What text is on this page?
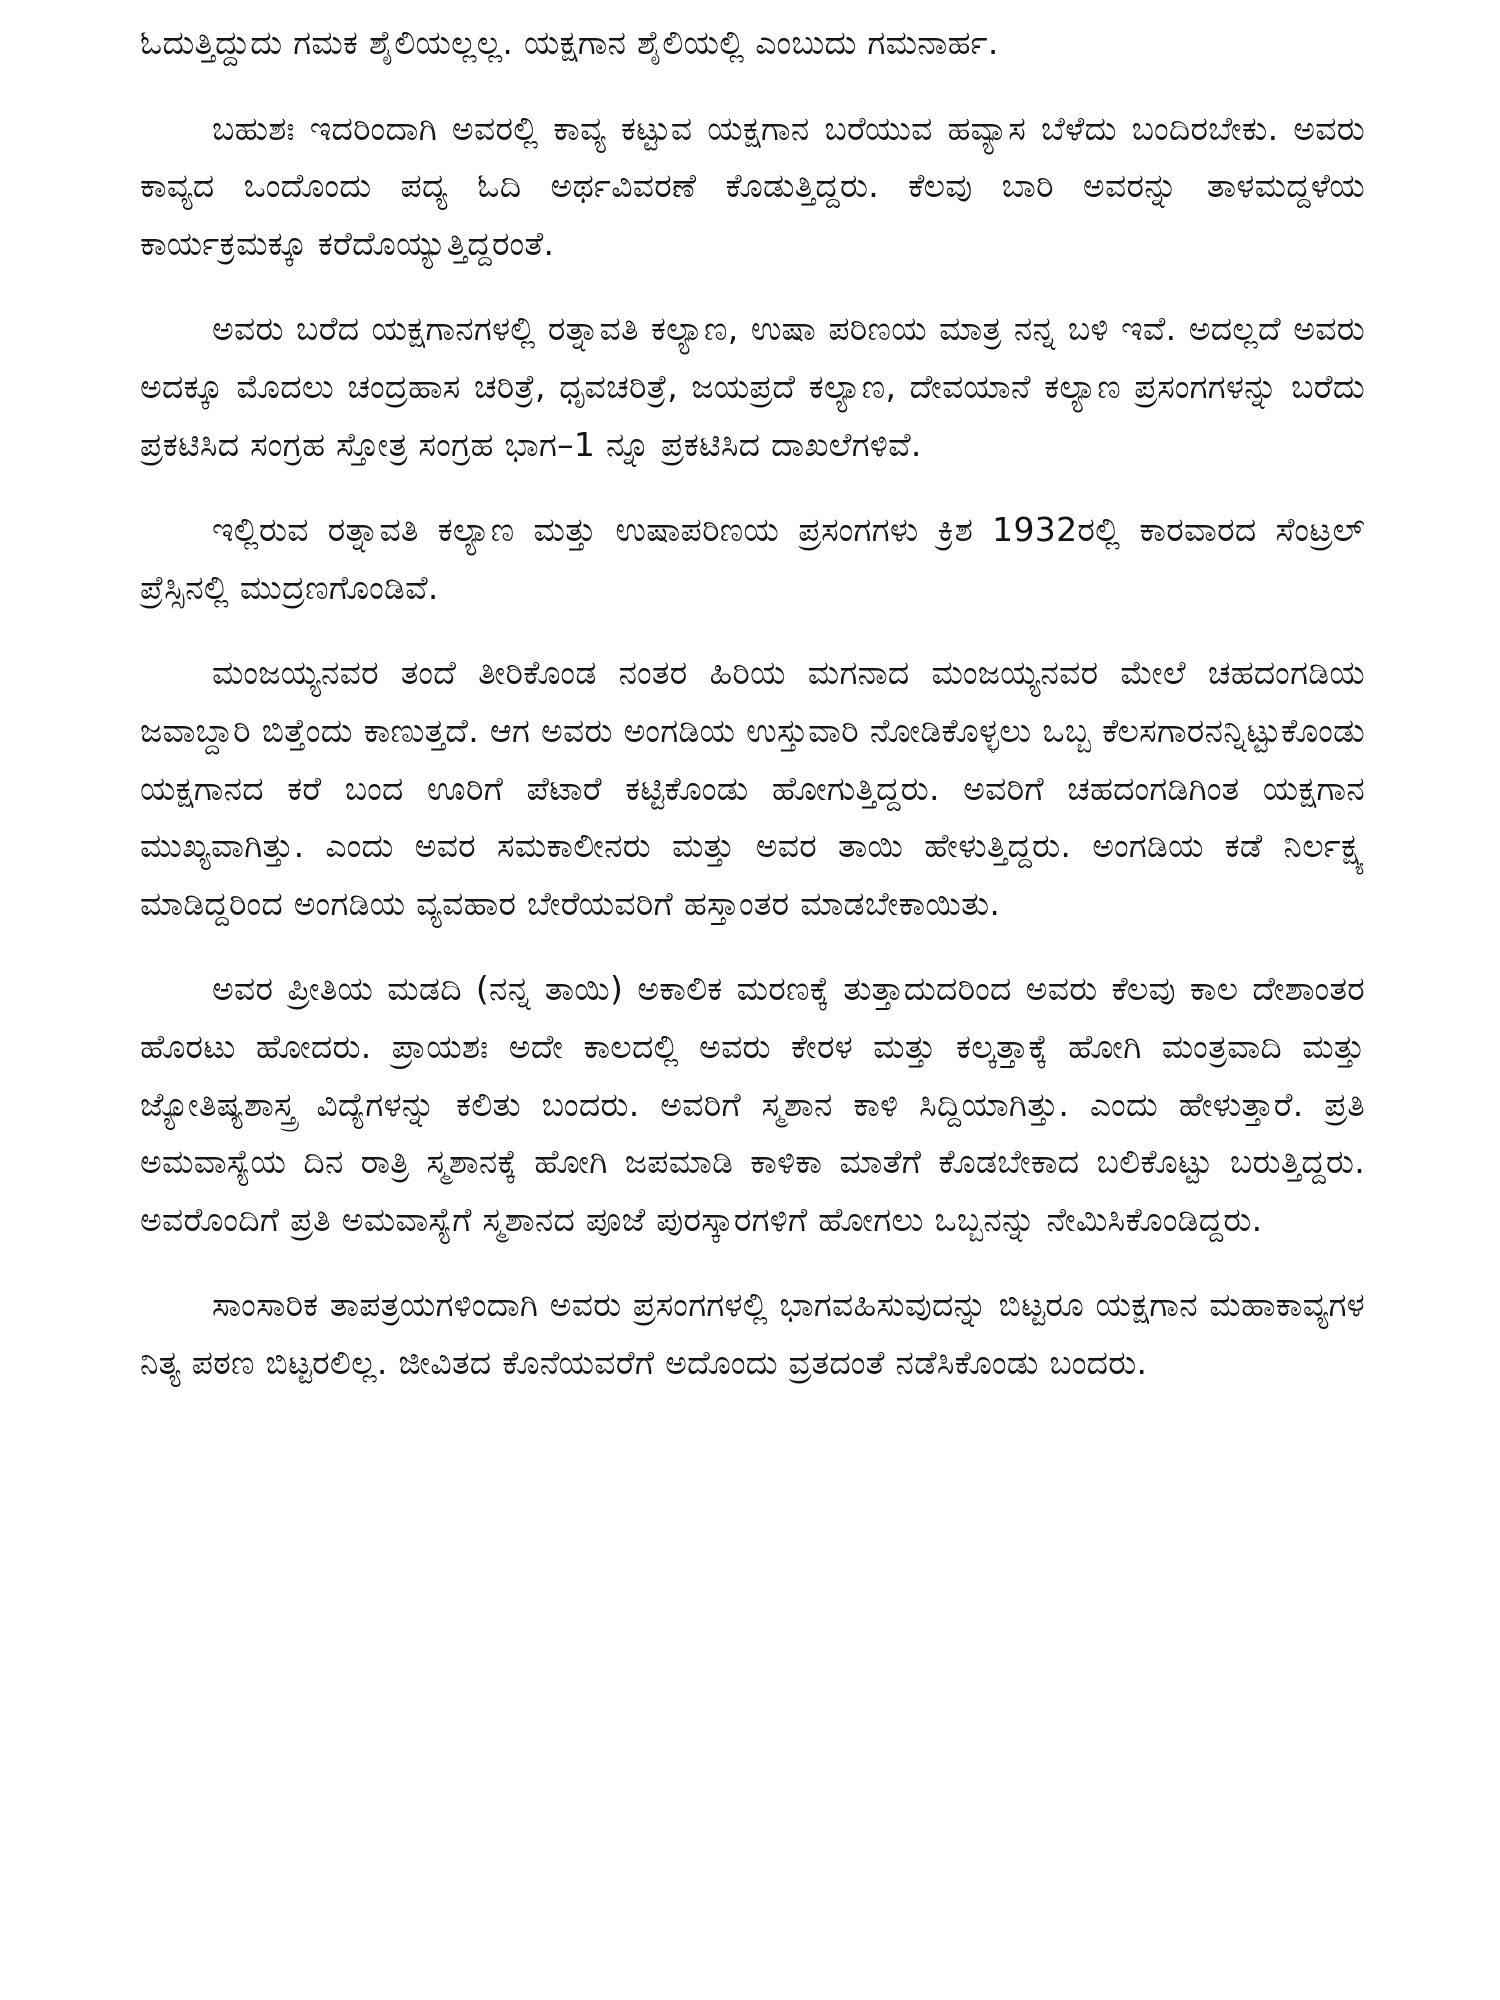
ಓದುತ್ತಿದ್ದುದು ಗಮಕ ಶೈಲಿಯಲ್ಲಲ್ಲ. ಯಕ್ಷಗಾನ ಶೈಲಿಯಲ್ಲಿ ಎಂಬುದು ಗಮನಾರ್ಹ.

ಬಹುಶಃ ಇದರಿಂದಾಗಿ ಅವರಲ್ಲಿ ಕಾವ್ಯ ಕಟ್ಟುವ ಯಕ್ಷಗಾನ ಬರೆಯುವ ಹವ್ಯಾಸ ಬೆಳೆದು ಬಂದಿರಬೇಕು. ಅವರು ಕಾವ್ಯದ ಒಂದೊಂದು ಪದ್ಯ ಓದಿ ಅರ್ಥವಿವರಣೆ ಕೊಡುತ್ತಿದ್ದರು. ಕೆಲವು ಬಾರಿ ಅವರನ್ನು ತಾಳಮದ್ದಳೆಯ ಕಾರ್ಯಕ್ರಮಕ್ಕೂ ಕರೆದೊಯ್ಯುತ್ತಿದ್ದರಂತೆ.

ಅವರು ಬರೆದ ಯಕ್ಷಗಾನಗಳಲ್ಲಿ ರತ್ನಾವತಿ ಕಲ್ಯಾಣ, ಉಷಾ ಪರಿಣಯ ಮಾತ್ರ ನನ್ನ ಬಳಿ ಇವೆ. ಅದಲ್ಲದೆ ಅವರು ಅದಕ್ಕೂ ಮೊದಲು ಚಂದ್ರಹಾಸ ಚರಿತ್ರೆ, ಧೃವಚರಿತ್ರೆ, ಜಯಪ್ರದೆ ಕಲ್ಯಾಣ, ದೇವಯಾನೆ ಕಲ್ಯಾಣ ಪ್ರಸಂಗಗಳನ್ನು ಬರೆದು ಪ್ರಕಟಿಸಿದ ಸಂಗ್ರಹ ಸ್ತೋತ್ರ ಸಂಗ್ರಹ ಭಾಗ–1 ನ್ನೂ ಪ್ರಕಟಿಸಿದ ದಾಖಲೆಗಳಿವೆ.

ಇಲ್ಲಿರುವ ರತ್ನಾವತಿ ಕಲ್ಯಾಣ ಮತ್ತು ಉಷಾಪರಿಣಯ ಪ್ರಸಂಗಗಳು ಕ್ರಿಶ 1932ರಲ್ಲಿ ಕಾರವಾರದ ಸೆಂಟ್ರಲ್ ಪ್ರೆಸ್ಸಿನಲ್ಲಿ ಮುದ್ರಣಗೊಂಡಿವೆ.

ಮಂಜಯ್ಯನವರ ತಂದೆ ತೀರಿಕೊಂಡ ನಂತರ ಹಿರಿಯ ಮಗನಾದ ಮಂಜಯ್ಯನವರ ಮೇಲೆ ಚಹದಂಗಡಿಯ ಜವಾಬ್ದಾರಿ ಬಿತ್ತೆಂದು ಕಾಣುತ್ತದೆ. ಆಗ ಅವರು ಅಂಗಡಿಯ ಉಸ್ತುವಾರಿ ನೋಡಿಕೊಳ್ಳಲು ಒಬ್ಬ ಕೆಲಸಗಾರನನ್ನಿಟ್ಟುಕೊಂಡು ಯಕ್ಷಗಾನದ ಕರೆ ಬಂದ ಊರಿಗೆ ಪೆಟಾರೆ ಕಟ್ಟಿಕೊಂಡು ಹೋಗುತ್ತಿದ್ದರು. ಅವರಿಗೆ ಚಹದಂಗಡಿಗಿಂತ ಯಕ್ಷಗಾನ ಮುಖ್ಯವಾಗಿತ್ತು. ಎಂದು ಅವರ ಸಮಕಾಲೀನರು ಮತ್ತು ಅವರ ತಾಯಿ ಹೇಳುತ್ತಿದ್ದರು. ಅಂಗಡಿಯ ಕಡೆ ನಿರ್ಲಕ್ಷ್ಯ ಮಾಡಿದ್ದರಿಂದ ಅಂಗಡಿಯ ವ್ಯವಹಾರ ಬೇರೆಯವರಿಗೆ ಹಸ್ತಾಂತರ ಮಾಡಬೇಕಾಯಿತು.

ಅವರ ಪ್ರೀತಿಯ ಮಡದಿ (ನನ್ನ ತಾಯಿ) ಅಕಾಲಿಕ ಮರಣಕ್ಕೆ ತುತ್ತಾದುದರಿಂದ ಅವರು ಕೆಲವು ಕಾಲ ದೇಶಾಂತರ ಹೊರಟು ಹೋದರು. ಪ್ರಾಯಶಃ ಅದೇ ಕಾಲದಲ್ಲಿ ಅವರು ಕೇರಳ ಮತ್ತು ಕಲ್ಕತ್ತಾಕ್ಕೆ ಹೋಗಿ ಮಂತ್ರವಾದಿ ಮತ್ತು ಜ್ಯೋತಿಷ್ಯಶಾಸ್ತ್ರ ವಿದ್ಯೆಗಳನ್ನು ಕಲಿತು ಬಂದರು. ಅವರಿಗೆ ಸ್ಮಶಾನ ಕಾಳಿ ಸಿದ್ದಿಯಾಗಿತ್ತು. ಎಂದು ಹೇಳುತ್ತಾರೆ. ಪ್ರತಿ ಅಮವಾಸ್ಯೆಯ ದಿನ ರಾತ್ರಿ ಸ್ಮಶಾನಕ್ಕೆ ಹೋಗಿ ಜಪಮಾಡಿ ಕಾಳಿಕಾ ಮಾತೆಗೆ ಕೊಡಬೇಕಾದ ಬಲಿಕೊಟ್ಟು ಬರುತ್ತಿದ್ದರು. ಅವರೊಂದಿಗೆ ಪ್ರತಿ ಅಮವಾಸ್ಯೆಗೆ ಸ್ಮಶಾನದ ಪೂಜೆ ಪುರಸ್ಕಾರಗಳಿಗೆ ಹೋಗಲು ಒಬ್ಬನನ್ನು ನೇಮಿಸಿಕೊಂಡಿದ್ದರು.

ಸಾಂಸಾರಿಕ ತಾಪತ್ರಯಗಳಿಂದಾಗಿ ಅವರು ಪ್ರಸಂಗಗಳಲ್ಲಿ ಭಾಗವಹಿಸುವುದನ್ನು ಬಿಟ್ಟರೂ ಯಕ್ಷಗಾನ ಮಹಾಕಾವ್ಯಗಳ ನಿತ್ಯ ಪಠಣ ಬಿಟ್ಟರಲಿಲ್ಲ. ಜೀವಿತದ ಕೊನೆಯವರೆಗೆ ಅದೊಂದು ವ್ರತದಂತೆ ನಡೆಸಿಕೊಂಡು ಬಂದರು.
